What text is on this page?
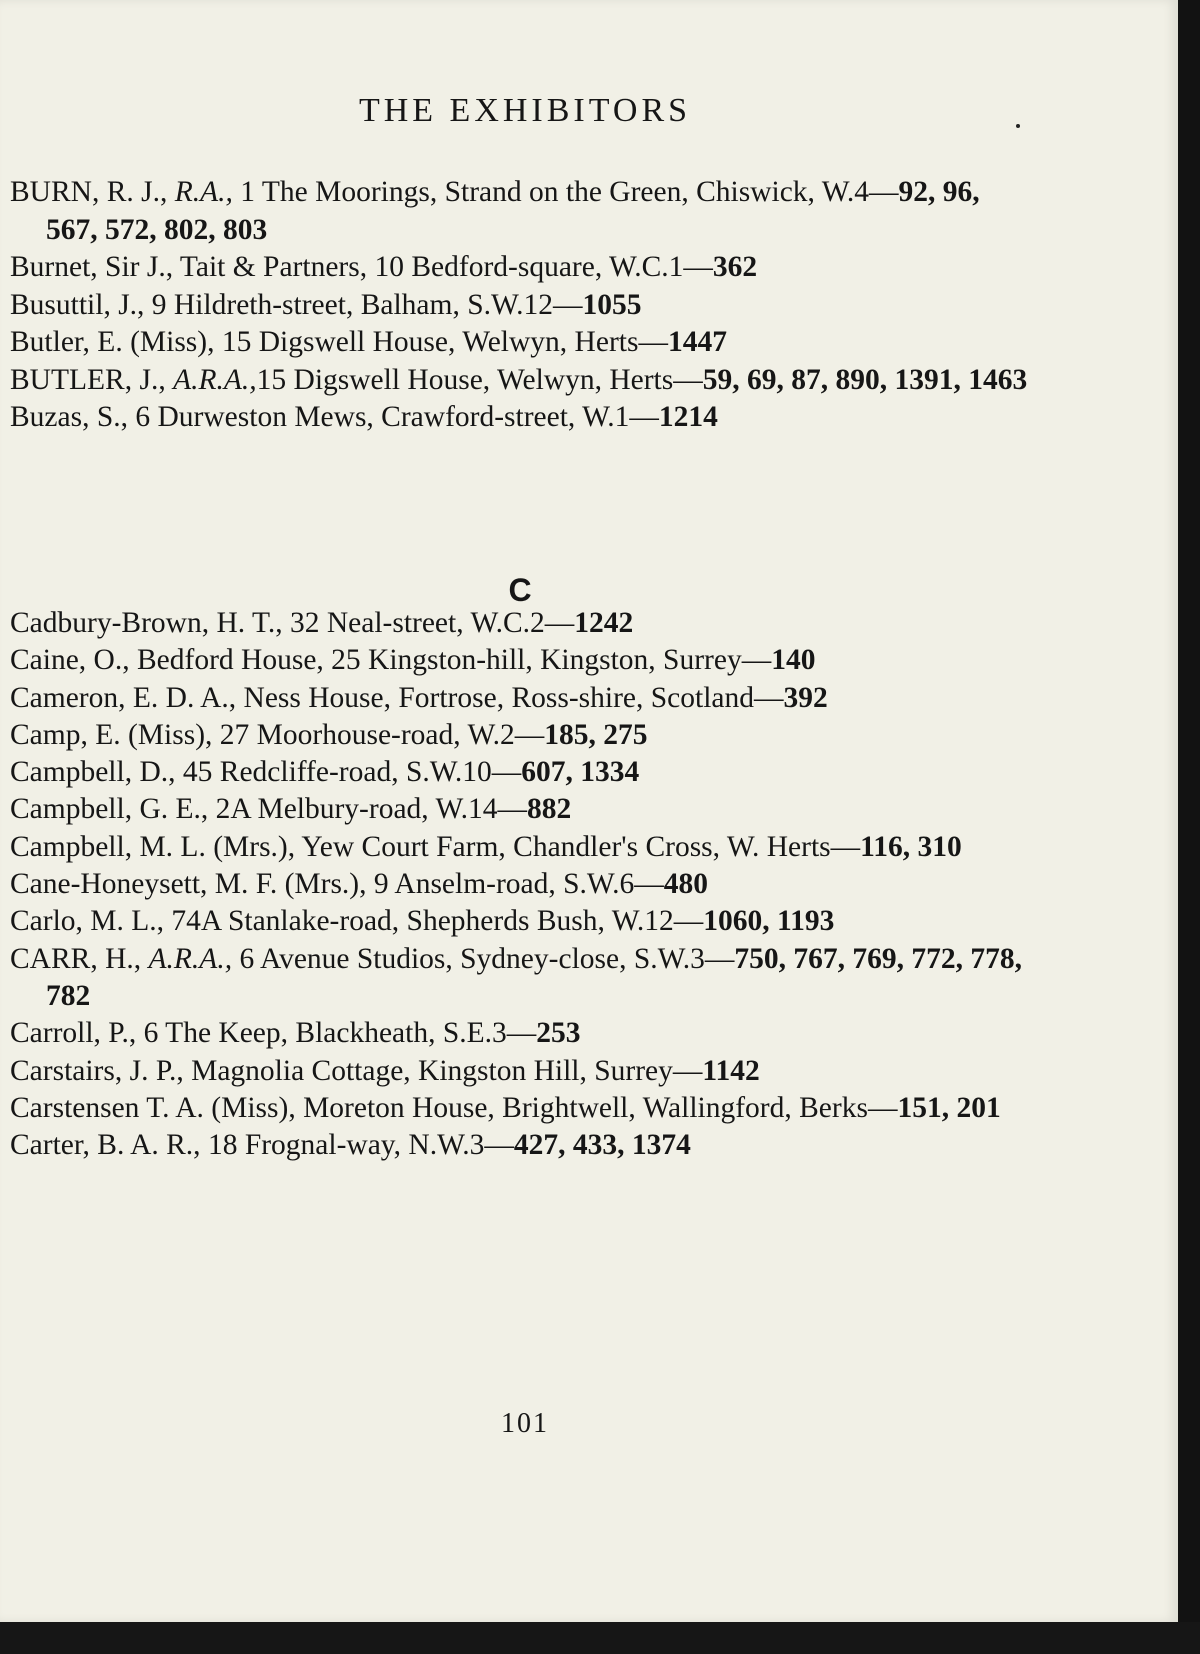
THE EXHIBITORS
BURN, R. J., R.A., 1 The Moorings, Strand on the Green, Chiswick, W.4—92, 96, 567, 572, 802, 803
Burnet, Sir J., Tait & Partners, 10 Bedford-square, W.C.1—362
Busuttil, J., 9 Hildreth-street, Balham, S.W.12—1055
Butler, E. (Miss), 15 Digswell House, Welwyn, Herts—1447
BUTLER, J., A.R.A.,15 Digswell House, Welwyn, Herts—59, 69, 87, 890, 1391, 1463
Buzas, S., 6 Durweston Mews, Crawford-street, W.1—1214
C
Cadbury-Brown, H. T., 32 Neal-street, W.C.2—1242
Caine, O., Bedford House, 25 Kingston-hill, Kingston, Surrey—140
Cameron, E. D. A., Ness House, Fortrose, Ross-shire, Scotland—392
Camp, E. (Miss), 27 Moorhouse-road, W.2—185, 275
Campbell, D., 45 Redcliffe-road, S.W.10—607, 1334
Campbell, G. E., 2A Melbury-road, W.14—882
Campbell, M. L. (Mrs.), Yew Court Farm, Chandler's Cross, W. Herts—116, 310
Cane-Honeysett, M. F. (Mrs.), 9 Anselm-road, S.W.6—480
Carlo, M. L., 74A Stanlake-road, Shepherds Bush, W.12—1060, 1193
CARR, H., A.R.A., 6 Avenue Studios, Sydney-close, S.W.3—750, 767, 769, 772, 778, 782
Carroll, P., 6 The Keep, Blackheath, S.E.3—253
Carstairs, J. P., Magnolia Cottage, Kingston Hill, Surrey—1142
Carstensen T. A. (Miss), Moreton House, Brightwell, Wallingford, Berks—151, 201
Carter, B. A. R., 18 Frognal-way, N.W.3—427, 433, 1374
101
